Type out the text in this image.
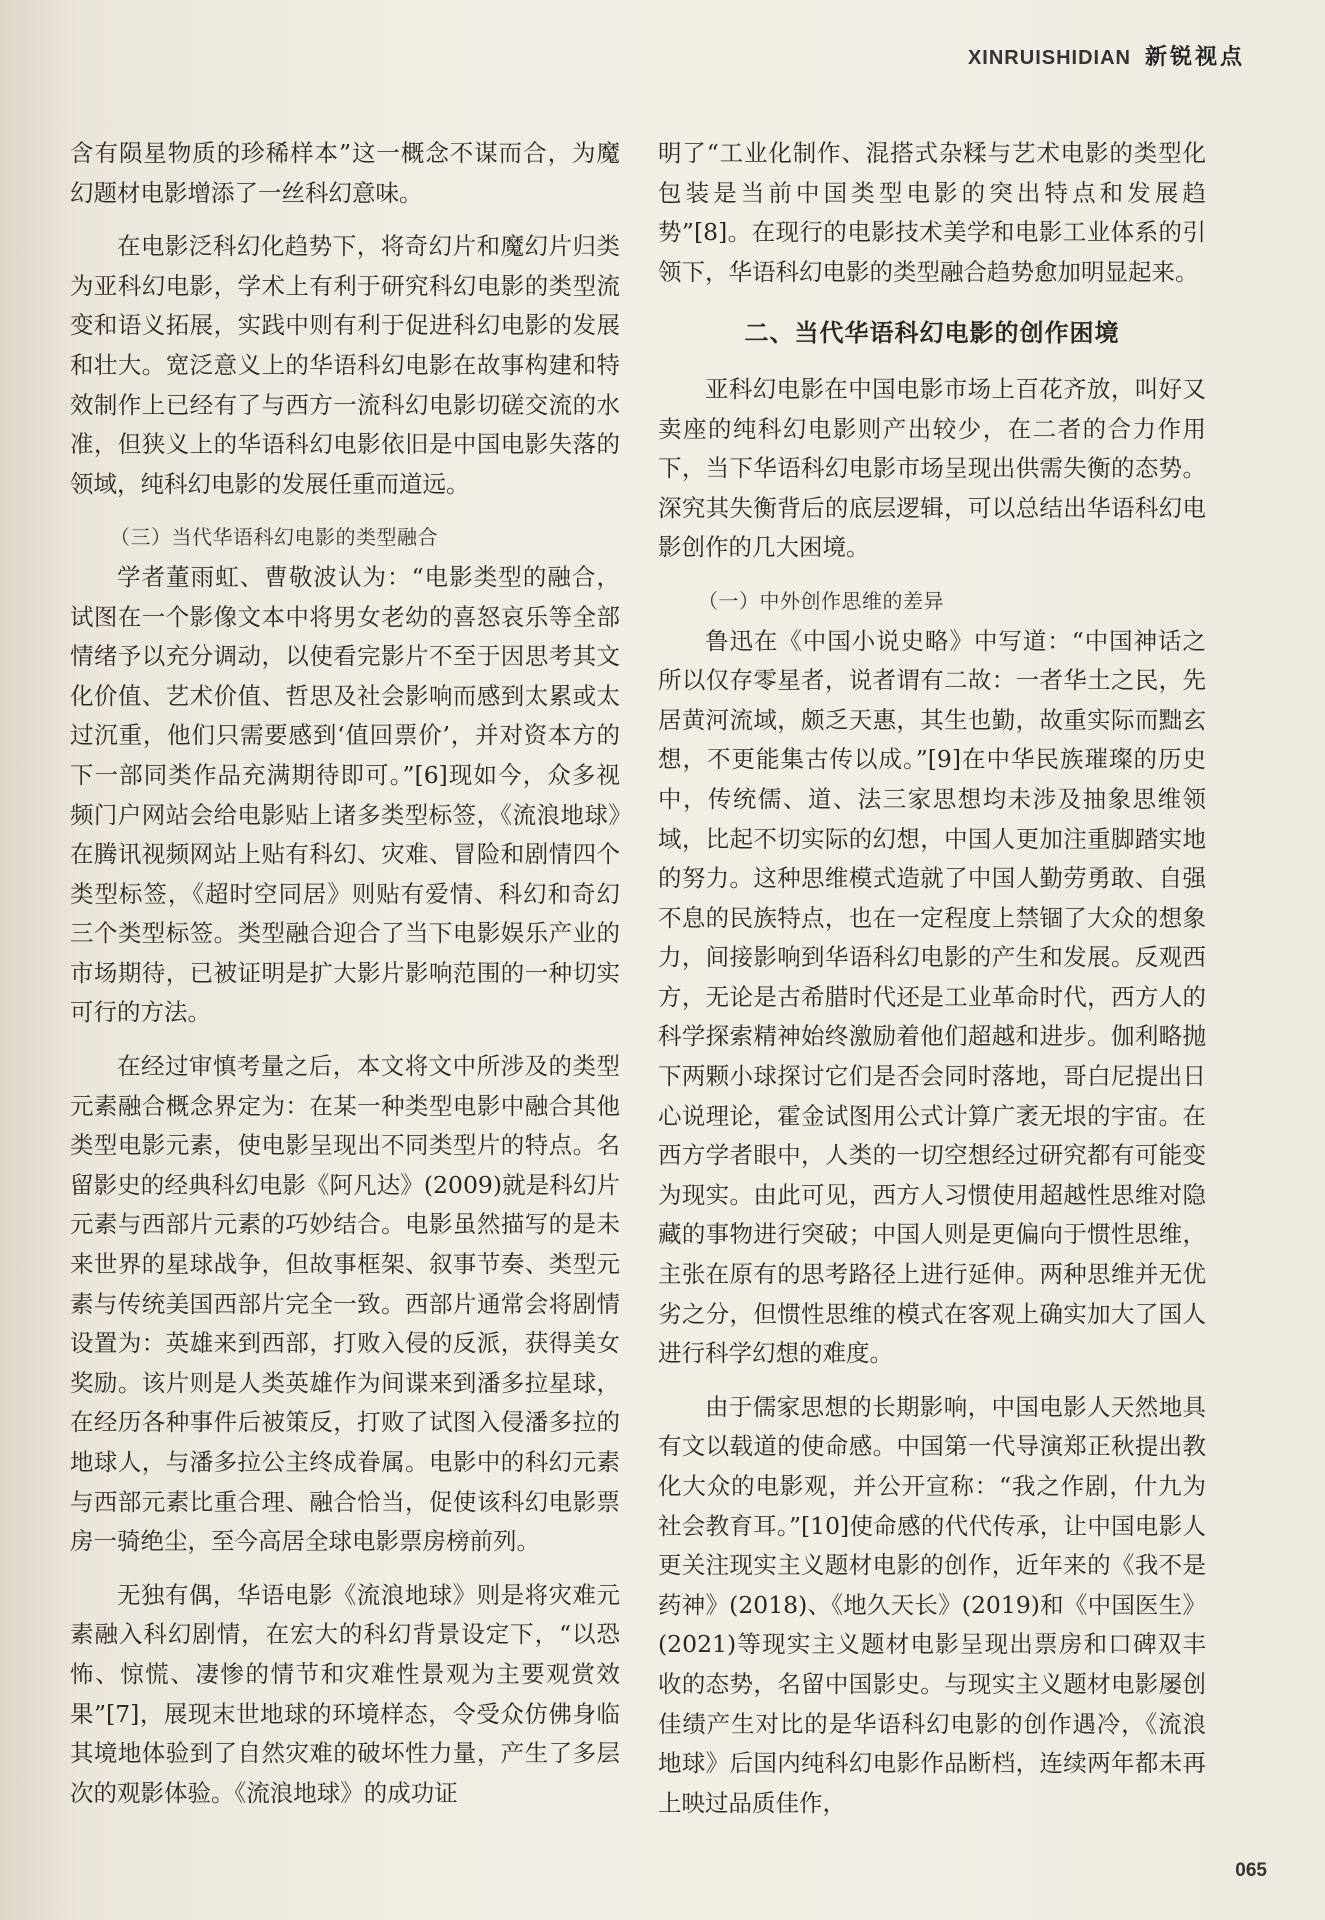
XINRUISHIDIAN 新锐视点

含有陨星物质的珍稀样本”这一概念不谋而合，为魔幻题材电影增添了一丝科幻意味。

在电影泛科幻化趋势下，将奇幻片和魔幻片归类为亚科幻电影，学术上有利于研究科幻电影的类型流变和语义拓展，实践中则有利于促进科幻电影的发展和壮大。宽泛意义上的华语科幻电影在故事构建和特效制作上已经有了与西方一流科幻电影切磋交流的水准，但狭义上的华语科幻电影依旧是中国电影失落的领域，纯科幻电影的发展任重而道远。

（三）当代华语科幻电影的类型融合

学者董雨虹、曹敬波认为：“电影类型的融合，试图在一个影像文本中将男女老幼的喜怒哀乐等全部情绪予以充分调动，以使看完影片不至于因思考其文化价值、艺术价值、哲思及社会影响而感到太累或太过沉重，他们只需要感到‘值回票价’，并对资本方的下一部同类作品充满期待即可。”[6]现如今，众多视频门户网站会给电影贴上诸多类型标签，《流浪地球》在腾讯视频网站上贴有科幻、灾难、冒险和剧情四个类型标签，《超时空同居》则贴有爱情、科幻和奇幻三个类型标签。类型融合迎合了当下电影娱乐产业的市场期待，已被证明是扩大影片影响范围的一种切实可行的方法。

在经过审慎考量之后，本文将文中所涉及的类型元素融合概念界定为：在某一种类型电影中融合其他类型电影元素，使电影呈现出不同类型片的特点。名留影史的经典科幻电影《阿凡达》(2009)就是科幻片元素与西部片元素的巧妙结合。电影虽然描写的是未来世界的星球战争，但故事框架、叙事节奏、类型元素与传统美国西部片完全一致。西部片通常会将剧情设置为：英雄来到西部，打败入侵的反派，获得美女奖励。该片则是人类英雄作为间谍来到潘多拉星球，在经历各种事件后被策反，打败了试图入侵潘多拉的地球人，与潘多拉公主终成眷属。电影中的科幻元素与西部元素比重合理、融合恰当，促使该科幻电影票房一骑绝尘，至今高居全球电影票房榜前列。

无独有偶，华语电影《流浪地球》则是将灾难元素融入科幻剧情，在宏大的科幻背景设定下，“以恐怖、惊慌、凄惨的情节和灾难性景观为主要观赏效果”[7]，展现末世地球的环境样态，令受众仿佛身临其境地体验到了自然灾难的破坏性力量，产生了多层次的观影体验。《流浪地球》的成功证

明了“工业化制作、混搭式杂糅与艺术电影的类型化包装是当前中国类型电影的突出特点和发展趋势”[8]。在现行的电影技术美学和电影工业体系的引领下，华语科幻电影的类型融合趋势愈加明显起来。

二、当代华语科幻电影的创作困境

亚科幻电影在中国电影市场上百花齐放，叫好又卖座的纯科幻电影则产出较少，在二者的合力作用下，当下华语科幻电影市场呈现出供需失衡的态势。深究其失衡背后的底层逻辑，可以总结出华语科幻电影创作的几大困境。

（一）中外创作思维的差异

鲁迅在《中国小说史略》中写道：“中国神话之所以仅存零星者，说者谓有二故：一者华土之民，先居黄河流域，颇乏天惠，其生也勤，故重实际而黜玄想，不更能集古传以成。”[9]在中华民族璀璨的历史中，传统儒、道、法三家思想均未涉及抽象思维领域，比起不切实际的幻想，中国人更加注重脚踏实地的努力。这种思维模式造就了中国人勤劳勇敢、自强不息的民族特点，也在一定程度上禁锢了大众的想象力，间接影响到华语科幻电影的产生和发展。反观西方，无论是古希腊时代还是工业革命时代，西方人的科学探索精神始终激励着他们超越和进步。伽利略抛下两颗小球探讨它们是否会同时落地，哥白尼提出日心说理论，霍金试图用公式计算广袤无垠的宇宙。在西方学者眼中，人类的一切空想经过研究都有可能变为现实。由此可见，西方人习惯使用超越性思维对隐藏的事物进行突破；中国人则是更偏向于惯性思维，主张在原有的思考路径上进行延伸。两种思维并无优劣之分，但惯性思维的模式在客观上确实加大了国人进行科学幻想的难度。

由于儒家思想的长期影响，中国电影人天然地具有文以载道的使命感。中国第一代导演郑正秋提出教化大众的电影观，并公开宣称：“我之作剧，什九为社会教育耳。”[10]使命感的代代传承，让中国电影人更关注现实主义题材电影的创作，近年来的《我不是药神》(2018)、《地久天长》(2019)和《中国医生》(2021)等现实主义题材电影呈现出票房和口碑双丰收的态势，名留中国影史。与现实主义题材电影屡创佳绩产生对比的是华语科幻电影的创作遇冷，《流浪地球》后国内纯科幻电影作品断档，连续两年都未再上映过品质佳作，

065
